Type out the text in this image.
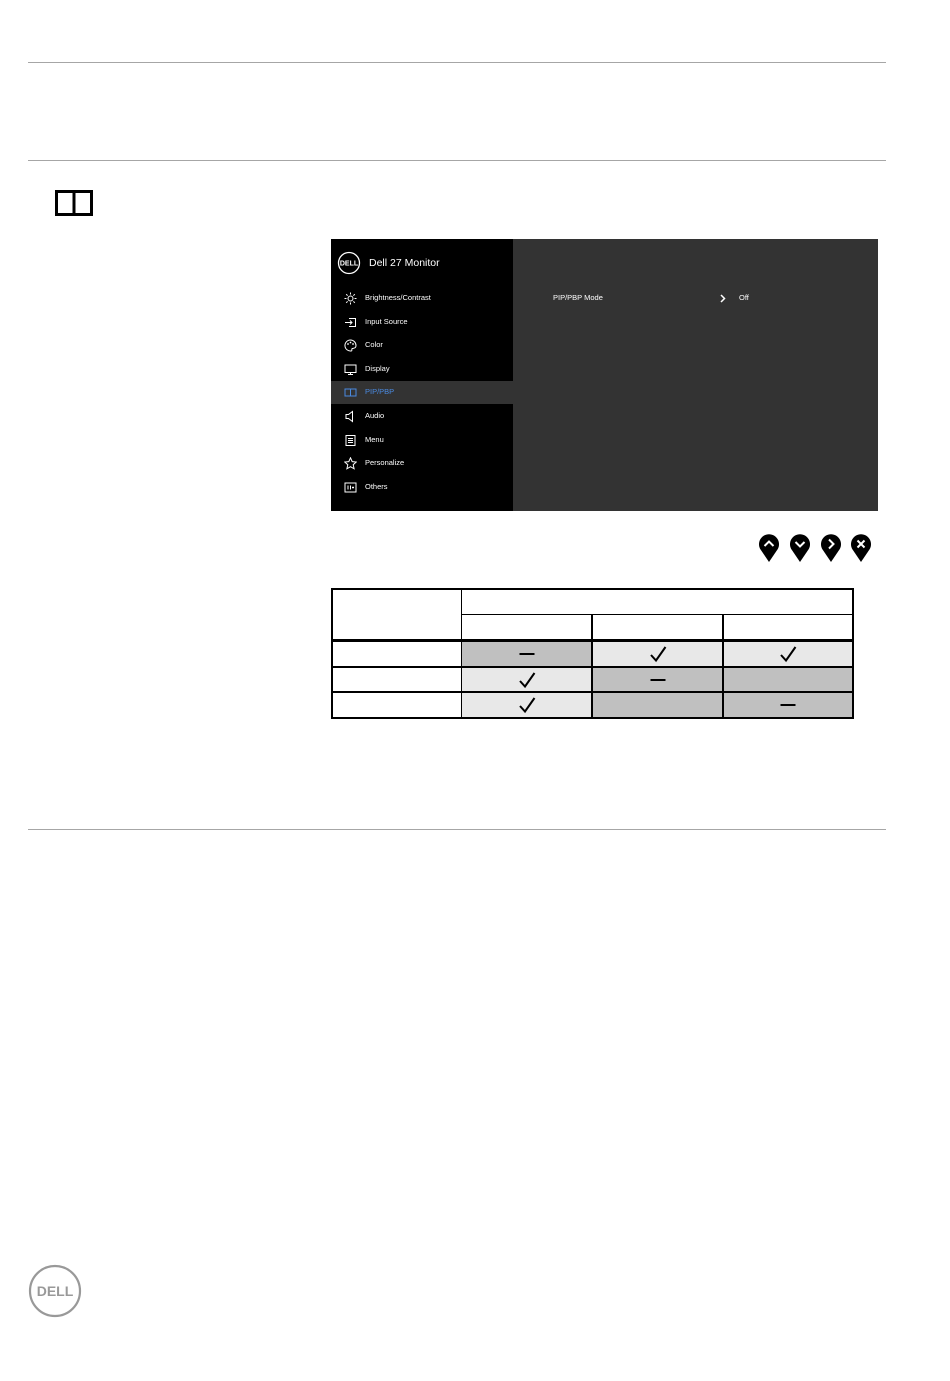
DELL Dell 27 Monitor
Brightness/Contrast
Input Source
Color
Display
PIP/PBP
Audio
Menu
Personalize
Others
PIP/PBP Mode	Off
DELL
